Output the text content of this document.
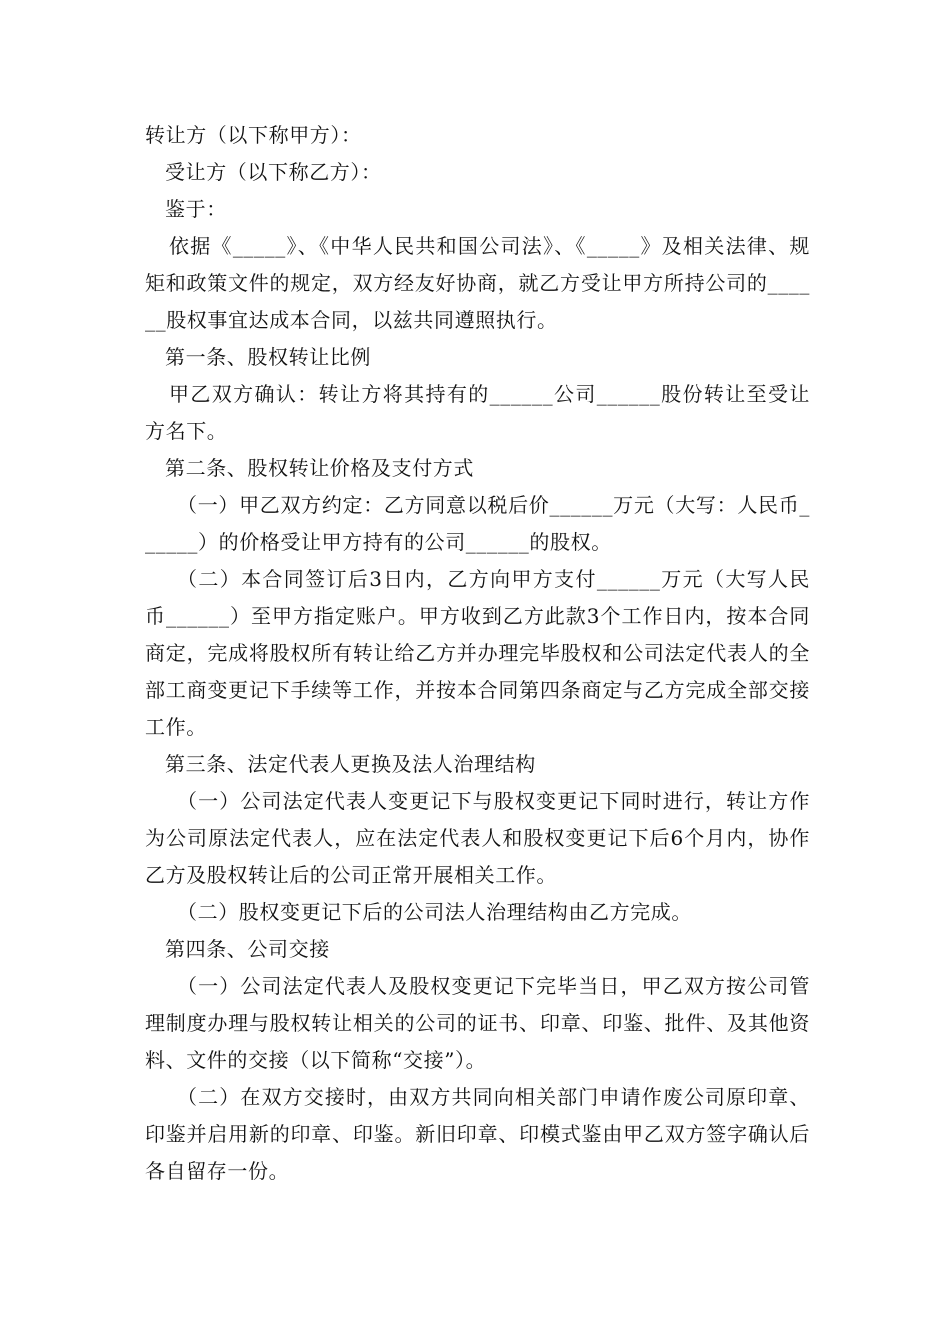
转让方（以下称甲方）：

受让方（以下称乙方）：

鉴于：

依据《_____》、《中华人民共和国公司法》、《_____》及相关法律、规矩和政策文件的规定，双方经友好协商，就乙方受让甲方所持公司的______股权事宜达成本合同，以兹共同遵照执行。

第一条、股权转让比例

甲乙双方确认：转让方将其持有的______公司______股份转让至受让方名下。

第二条、股权转让价格及支付方式

（一）甲乙双方约定：乙方同意以税后价______万元（大写：人民币______）的价格受让甲方持有的公司______的股权。

（二）本合同签订后3日内，乙方向甲方支付______万元（大写人民币______）至甲方指定账户。甲方收到乙方此款3个工作日内，按本合同商定，完成将股权所有转让给乙方并办理完毕股权和公司法定代表人的全部工商变更记下手续等工作，并按本合同第四条商定与乙方完成全部交接工作。

第三条、法定代表人更换及法人治理结构

（一）公司法定代表人变更记下与股权变更记下同时进行，转让方作为公司原法定代表人，应在法定代表人和股权变更记下后6个月内，协作乙方及股权转让后的公司正常开展相关工作。

（二）股权变更记下后的公司法人治理结构由乙方完成。

第四条、公司交接

（一）公司法定代表人及股权变更记下完毕当日，甲乙双方按公司管理制度办理与股权转让相关的公司的证书、印章、印鉴、批件、及其他资料、文件的交接（以下简称“交接”）。

（二）在双方交接时，由双方共同向相关部门申请作废公司原印章、印鉴并启用新的印章、印鉴。新旧印章、印模式鉴由甲乙双方签字确认后各自留存一份。
